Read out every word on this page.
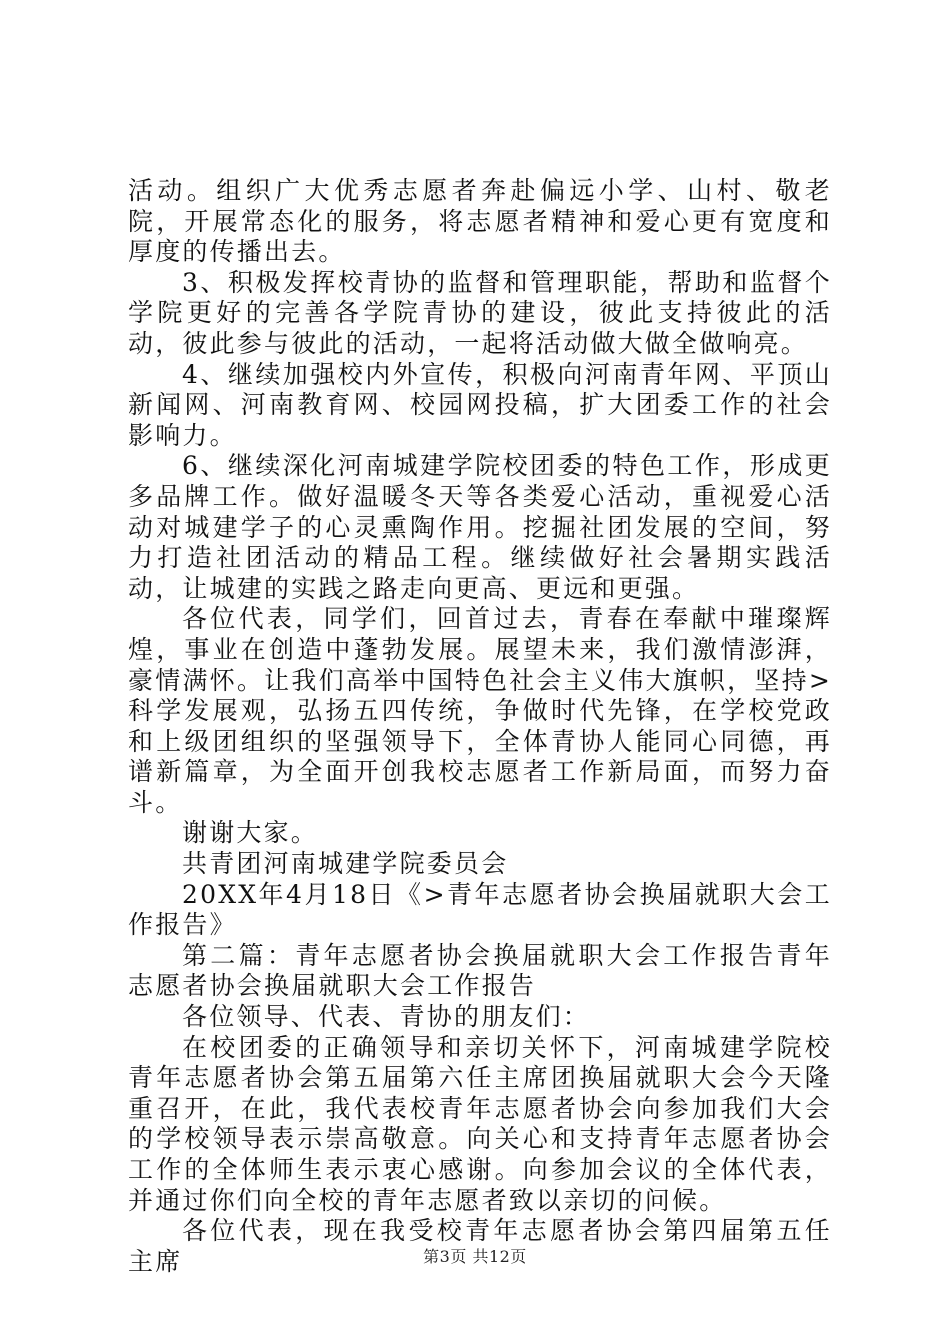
活动。组织广大优秀志愿者奔赴偏远小学、山村、敬老院，开展常态化的服务，将志愿者精神和爱心更有宽度和厚度的传播出去。

3、积极发挥校青协的监督和管理职能，帮助和监督个学院更好的完善各学院青协的建设，彼此支持彼此的活动，彼此参与彼此的活动，一起将活动做大做全做响亮。

4、继续加强校内外宣传，积极向河南青年网、平顶山新闻网、河南教育网、校园网投稿，扩大团委工作的社会影响力。

6、继续深化河南城建学院校团委的特色工作，形成更多品牌工作。做好温暖冬天等各类爱心活动，重视爱心活动对城建学子的心灵熏陶作用。挖掘社团发展的空间，努力打造社团活动的精品工程。继续做好社会暑期实践活动，让城建的实践之路走向更高、更远和更强。

各位代表，同学们，回首过去，青春在奉献中璀璨辉煌，事业在创造中蓬勃发展。展望未来，我们激情澎湃，豪情满怀。让我们高举中国特色社会主义伟大旗帜，坚持>科学发展观，弘扬五四传统，争做时代先锋，在学校党政和上级团组织的坚强领导下，全体青协人能同心同德，再谱新篇章，为全面开创我校志愿者工作新局面，而努力奋斗。

谢谢大家。

共青团河南城建学院委员会

20XX年4月18日《>青年志愿者协会换届就职大会工作报告》

第二篇：青年志愿者协会换届就职大会工作报告青年志愿者协会换届就职大会工作报告

各位领导、代表、青协的朋友们：

在校团委的正确领导和亲切关怀下，河南城建学院校青年志愿者协会第五届第六任主席团换届就职大会今天隆重召开，在此，我代表校青年志愿者协会向参加我们大会的学校领导表示崇高敬意。向关心和支持青年志愿者协会工作的全体师生表示衷心感谢。向参加会议的全体代表，并通过你们向全校的青年志愿者致以亲切的问候。

各位代表，现在我受校青年志愿者协会第四届第五任主席	第3页 共12页
